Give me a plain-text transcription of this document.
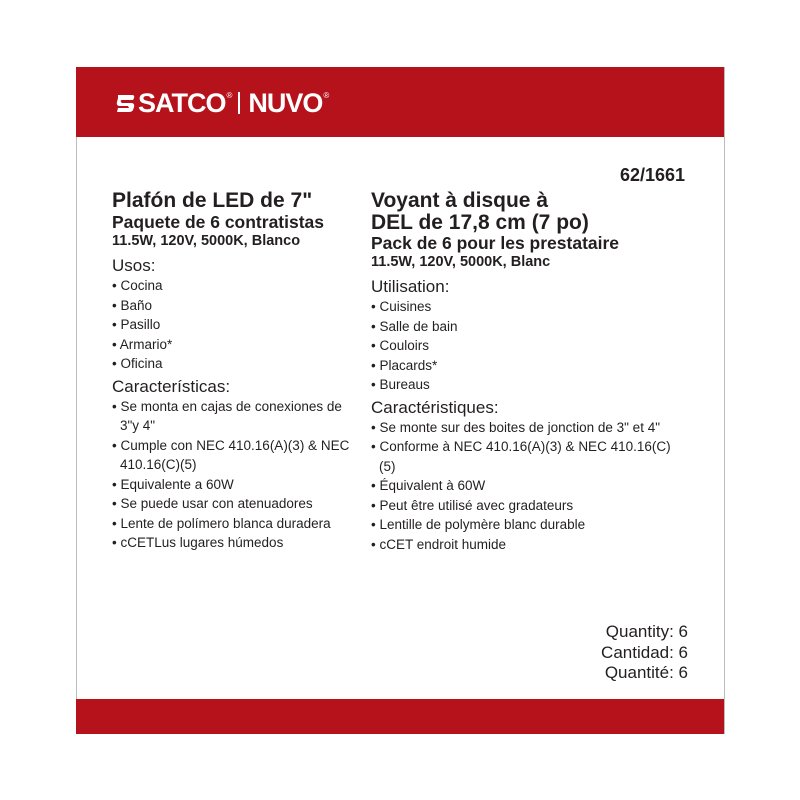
SATCO ® NUVO ®
62/1661

Plafón de LED de 7"

Paquete de 6 contratistas

11.5W, 120V, 5000K, Blanco

Usos:

• Cocina
• Baño
• Pasillo
• Armario*
• Oficina

Características:

• Se monta en cajas de conexiones de 3"y 4"
• Cumple con NEC 410.16(A)(3) & NEC 410.16(C)(5)
• Equivalente a 60W
• Se puede usar con atenuadores
• Lente de polímero blanca duradera
• cCETLus lugares húmedos

Voyant à disque à

DEL de 17,8 cm (7 po)

Pack de 6 pour les prestataire

11.5W, 120V, 5000K, Blanc

Utilisation:

• Cuisines
• Salle de bain
• Couloirs
• Placards*
• Bureaus

Caractéristiques:

• Se monte sur des boites de jonction de 3" et 4"
• Conforme à NEC 410.16(A)(3) & NEC 410.16(C)(5)
• Équivalent à 60W
• Peut être utilisé avec gradateurs
• Lentille de polymère blanc durable
• cCET endroit humide
Quantity: 6
Cantidad: 6
Quantité: 6
